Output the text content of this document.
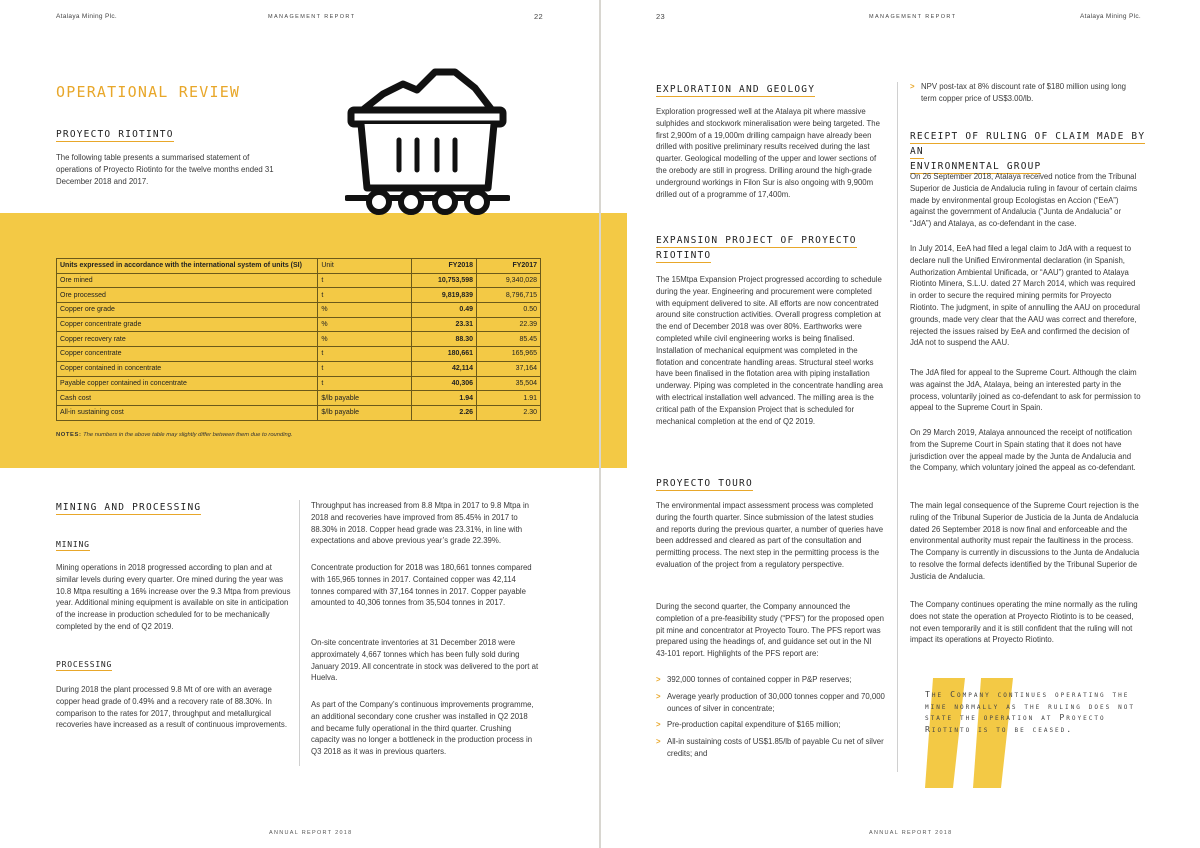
Atalaya Mining Plc.	MANAGEMENT REPORT	22
OPERATIONAL REVIEW
PROYECTO RIOTINTO
The following table presents a summarised statement of operations of Proyecto Riotinto for the twelve months ended 31 December 2018 and 2017.
Units expressed in accordance with the international system of units (SI)	Unit	FY2018	FY2017
Ore mined	t	10,753,598	9,340,028
Ore processed	t	9,819,839	8,796,715
Copper ore grade	%	0.49	0.50
Copper concentrate grade	%	23.31	22.39
Copper recovery rate	%	88.30	85.45
Copper concentrate	t	180,661	165,965
Copper contained in concentrate	t	42,114	37,164
Payable copper contained in concentrate	t	40,306	35,504
Cash cost	$/lb payable	1.94	1.91
All-in sustaining cost	$/lb payable	2.26	2.30
NOTES: The numbers in the above table may slightly differ between them due to rounding.
MINING AND PROCESSING
MINING
Mining operations in 2018 progressed according to plan and at similar levels during every quarter. Ore mined during the year was 10.8 Mtpa resulting a 16% increase over the 9.3 Mtpa from previous year. Additional mining equipment is available on site in anticipation of the increase in production scheduled for to be mechanically completed by the end of Q2 2019.
PROCESSING
During 2018 the plant processed 9.8 Mt of ore with an average copper head grade of 0.49% and a recovery rate of 88.30%. In comparison to the rates for 2017, throughput and metallurgical recoveries have increased as a result of continuous improvements.
Throughput has increased from 8.8 Mtpa in 2017 to 9.8 Mtpa in 2018 and recoveries have improved from 85.45% in 2017 to 88.30% in 2018. Copper head grade was 23.31%, in line with expectations and above previous year’s grade 22.39%.
Concentrate production for 2018 was 180,661 tonnes compared with 165,965 tonnes in 2017. Contained copper was 42,114 tonnes compared with 37,164 tonnes in 2017. Copper payable amounted to 40,306 tonnes from 35,504 tonnes in 2017.
On-site concentrate inventories at 31 December 2018 were approximately 4,667 tonnes which has been fully sold during January 2019. All concentrate in stock was delivered to the port at Huelva.
As part of the Company’s continuous improvements programme, an additional secondary cone crusher was installed in Q2 2018 and became fully operational in the third quarter. Crushing capacity was no longer a bottleneck in the production process in Q3 2018 as it was in previous quarters.
ANNUAL REPORT 2018
23	MANAGEMENT REPORT	Atalaya Mining Plc.
EXPLORATION AND GEOLOGY
Exploration progressed well at the Atalaya pit where massive sulphides and stockwork mineralisation were being targeted. The first 2,900m of a 19,000m drilling campaign have already been drilled with positive preliminary results received during the last quarter. Geological modelling of the upper and lower sections of the orebody are still in progress. Drilling around the high-grade underground workings in Filon Sur is also ongoing with 9,900m drilled out of a programme of 17,400m.
EXPANSION PROJECT OF PROYECTO
RIOTINTO
The 15Mtpa Expansion Project progressed according to schedule during the year. Engineering and procurement were completed with equipment delivered to site. All efforts are now concentrated around site construction activities. Overall progress completion at the end of December 2018 was over 80%. Earthworks were completed while civil engineering works is being finalised. Installation of mechanical equipment was completed in the flotation and concentrate handling areas. Structural steel works have been finalised in the flotation area with piping installation underway. Piping was completed in the concentrate handling area with electrical installation well advanced. The milling area is the critical path of the Expansion Project that is scheduled for mechanical completion at the end of Q2 2019.
PROYECTO TOURO
The environmental impact assessment process was completed during the fourth quarter. Since submission of the latest studies and reports during the previous quarter, a number of queries have been addressed and cleared as part of the consultation and permitting process. The next step in the permitting process is the evaluation of the project from a regulatory perspective.
During the second quarter, the Company announced the completion of a pre-feasibility study (“PFS”) for the proposed open pit mine and concentrator at Proyecto Touro. The PFS report was prepared using the headings of, and guidance set out in the NI 43-101 report. Highlights of the PFS report are:
> 392,000 tonnes of contained copper in P&P reserves;
> Average yearly production of 30,000 tonnes copper and 70,000 ounces of silver in concentrate;
> Pre-production capital expenditure of $165 million;
> All-in sustaining costs of US$1.85/lb of payable Cu net of silver credits; and
> NPV post-tax at 8% discount rate of $180 million using long term copper price of US$3.00/lb.
RECEIPT OF RULING OF CLAIM MADE BY AN
ENVIRONMENTAL GROUP
On 26 September 2018, Atalaya received notice from the Tribunal Superior de Justicia de Andalucia ruling in favour of certain claims made by environmental group Ecologistas en Accion (“EeA”) against the government of Andalucia (“Junta de Andalucia” or “JdA”) and Atalaya, as co-defendant in the case.
In July 2014, EeA had filed a legal claim to JdA with a request to declare null the Unified Environmental declaration (in Spanish, Authorization Ambiental Unificada, or “AAU”) granted to Atalaya Riotinto Minera, S.L.U. dated 27 March 2014, which was required in order to secure the required mining permits for Proyecto Riotinto. The judgment, in spite of annulling the AAU on procedural grounds, made very clear that the AAU was correct and therefore, rejected the issues raised by EeA and confirmed the decision of JdA not to suspend the AAU.
The JdA filed for appeal to the Supreme Court. Although the claim was against the JdA, Atalaya, being an interested party in the process, voluntarily joined as co-defendant to ask for permission to appeal to the Supreme Court in Spain.
On 29 March 2019, Atalaya announced the receipt of notification from the Supreme Court in Spain stating that it does not have jurisdiction over the appeal made by the Junta de Andalucia and the Company, which voluntary joined the appeal as co-defendant.
The main legal consequence of the Supreme Court rejection is the ruling of the Tribunal Superior de Justicia de la Junta de Andalucia dated 26 September 2018 is now final and enforceable and the environmental authority must repair the faultiness in the process. The Company is currently in discussions to the Junta de Andalucia to resolve the formal defects identified by the Tribunal Superior de Justicia de Andalucia.
The Company continues operating the mine normally as the ruling does not state the operation at Proyecto Riotinto is to be ceased, not even temporarily and it is still confident that the ruling will not impact its operations at Proyecto Riotinto.
ANNUAL REPORT 2018
The Company continues operating the mine normally as the ruling does not state the operation at Proyecto Riotinto is to be ceased.
